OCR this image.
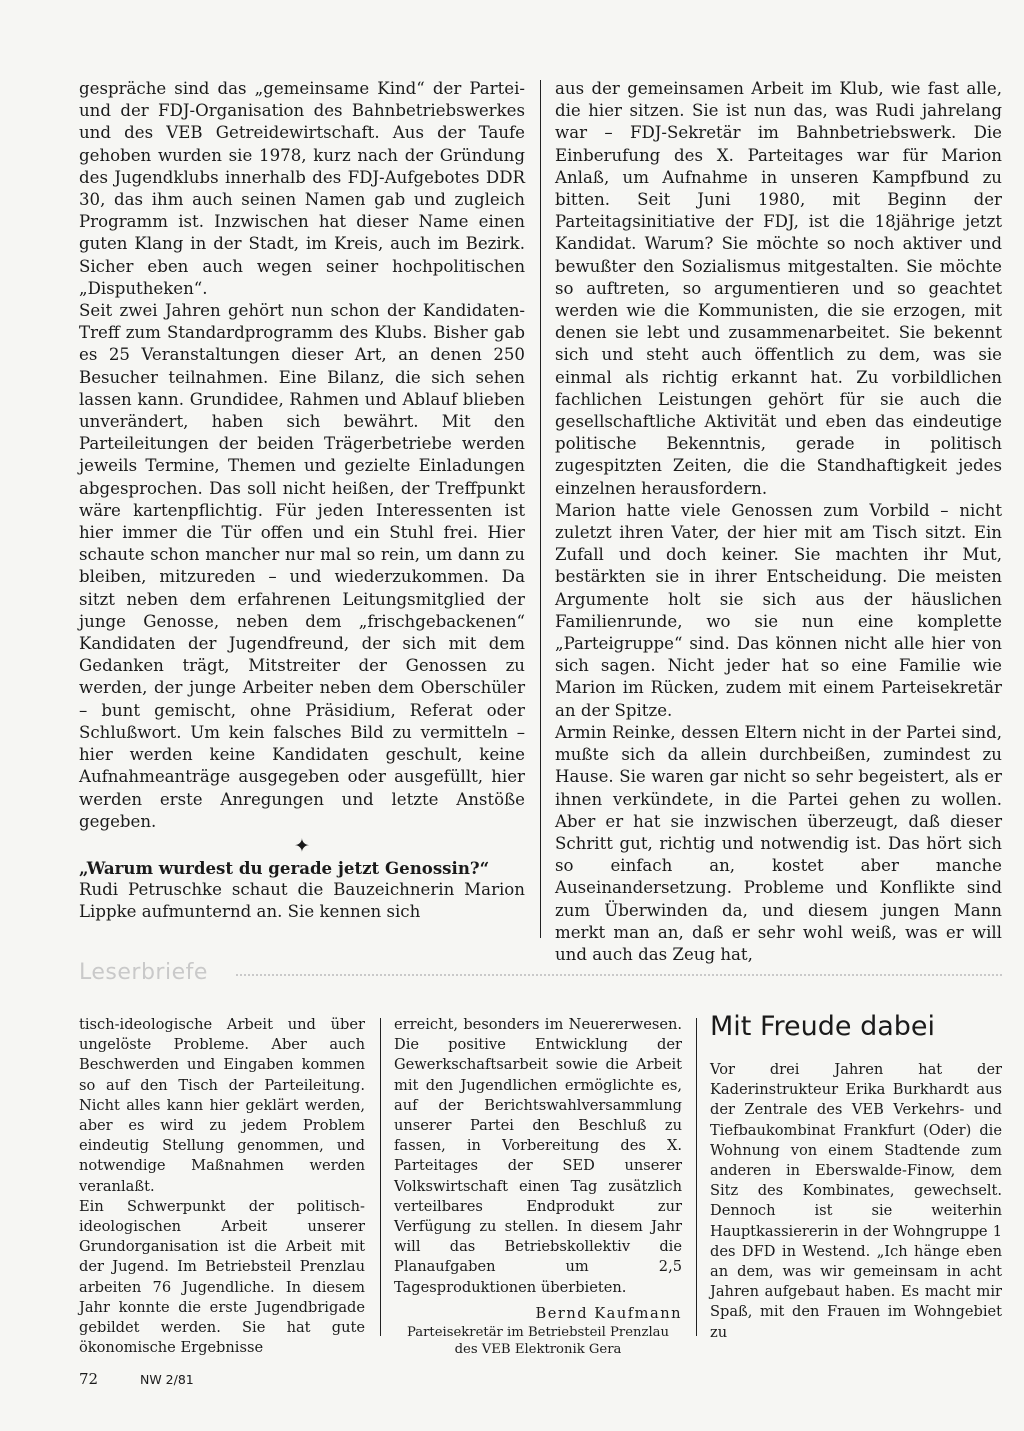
gespräche sind das „gemeinsame Kind“ der Partei- und der FDJ-Organisation des Bahnbetriebswerkes und des VEB Getreidewirtschaft. Aus der Taufe gehoben wurden sie 1978, kurz nach der Gründung des Jugendklubs innerhalb des FDJ-Aufgebotes DDR 30, das ihm auch seinen Namen gab und zugleich Programm ist. Inzwischen hat dieser Name einen guten Klang in der Stadt, im Kreis, auch im Bezirk. Sicher eben auch wegen seiner hochpolitischen „Disputheken“.

Seit zwei Jahren gehört nun schon der Kandidaten-Treff zum Standardprogramm des Klubs. Bisher gab es 25 Veranstaltungen dieser Art, an denen 250 Besucher teilnahmen. Eine Bilanz, die sich sehen lassen kann. Grundidee, Rahmen und Ablauf blieben unverändert, haben sich bewährt. Mit den Parteileitungen der beiden Trägerbetriebe werden jeweils Termine, Themen und gezielte Einladungen abgesprochen. Das soll nicht heißen, der Treffpunkt wäre kartenpflichtig. Für jeden Interessenten ist hier immer die Tür offen und ein Stuhl frei. Hier schaute schon mancher nur mal so rein, um dann zu bleiben, mitzureden – und wiederzukommen. Da sitzt neben dem erfahrenen Leitungsmitglied der junge Genosse, neben dem „frischgebackenen“ Kandidaten der Jugendfreund, der sich mit dem Gedanken trägt, Mitstreiter der Genossen zu werden, der junge Arbeiter neben dem Oberschüler – bunt gemischt, ohne Präsidium, Referat oder Schlußwort. Um kein falsches Bild zu vermitteln – hier werden keine Kandidaten geschult, keine Aufnahmeanträge ausgegeben oder ausgefüllt, hier werden erste Anregungen und letzte Anstöße gegeben.

✦

„Warum wurdest du gerade jetzt Genossin?“

Rudi Petruschke schaut die Bauzeichnerin Marion Lippke aufmunternd an. Sie kennen sich

aus der gemeinsamen Arbeit im Klub, wie fast alle, die hier sitzen. Sie ist nun das, was Rudi jahrelang war – FDJ-Sekretär im Bahnbetriebswerk. Die Einberufung des X. Parteitages war für Marion Anlaß, um Aufnahme in unseren Kampfbund zu bitten. Seit Juni 1980, mit Beginn der Parteitagsinitiative der FDJ, ist die 18jährige jetzt Kandidat. Warum? Sie möchte so noch aktiver und bewußter den Sozialismus mitgestalten. Sie möchte so auftreten, so argumentieren und so geachtet werden wie die Kommunisten, die sie erzogen, mit denen sie lebt und zusammenarbeitet. Sie bekennt sich und steht auch öffentlich zu dem, was sie einmal als richtig erkannt hat. Zu vorbildlichen fachlichen Leistungen gehört für sie auch die gesellschaftliche Aktivität und eben das eindeutige politische Bekenntnis, gerade in politisch zugespitzten Zeiten, die die Standhaftigkeit jedes einzelnen herausfordern.

Marion hatte viele Genossen zum Vorbild – nicht zuletzt ihren Vater, der hier mit am Tisch sitzt. Ein Zufall und doch keiner. Sie machten ihr Mut, bestärkten sie in ihrer Entscheidung. Die meisten Argumente holt sie sich aus der häuslichen Familienrunde, wo sie nun eine komplette „Parteigruppe“ sind. Das können nicht alle hier von sich sagen. Nicht jeder hat so eine Familie wie Marion im Rücken, zudem mit einem Parteisekretär an der Spitze.

Armin Reinke, dessen Eltern nicht in der Partei sind, mußte sich da allein durchbeißen, zumindest zu Hause. Sie waren gar nicht so sehr begeistert, als er ihnen verkündete, in die Partei gehen zu wollen. Aber er hat sie inzwischen überzeugt, daß dieser Schritt gut, richtig und notwendig ist. Das hört sich so einfach an, kostet aber manche Auseinandersetzung. Probleme und Konflikte sind zum Überwinden da, und diesem jungen Mann merkt man an, daß er sehr wohl weiß, was er will und auch das Zeug hat,

Leserbriefe

tisch-ideologische Arbeit und über ungelöste Probleme. Aber auch Beschwerden und Eingaben kommen so auf den Tisch der Parteileitung. Nicht alles kann hier geklärt werden, aber es wird zu jedem Problem eindeutig Stellung genommen, und notwendige Maßnahmen werden veranlaßt.

Ein Schwerpunkt der politisch-ideologischen Arbeit unserer Grundorganisation ist die Arbeit mit der Jugend. Im Betriebsteil Prenzlau arbeiten 76 Jugendliche. In diesem Jahr konnte die erste Jugendbrigade gebildet werden. Sie hat gute ökonomische Ergebnisse

erreicht, besonders im Neuererwesen. Die positive Entwicklung der Gewerkschaftsarbeit sowie die Arbeit mit den Jugendlichen ermöglichte es, auf der Berichtswahlversammlung unserer Partei den Beschluß zu fassen, in Vorbereitung des X. Parteitages der SED unserer Volkswirtschaft einen Tag zusätzlich verteilbares Endprodukt zur Verfügung zu stellen. In diesem Jahr will das Betriebskollektiv die Planaufgaben um 2,5 Tagesproduktionen überbieten.

Bernd Kaufmann
Parteisekretär im Betriebsteil Prenzlau
des VEB Elektronik Gera
Mit Freude dabei

Vor drei Jahren hat der Kaderinstrukteur Erika Burkhardt aus der Zentrale des VEB Verkehrs- und Tiefbaukombinat Frankfurt (Oder) die Wohnung von einem Stadtende zum anderen in Eberswalde-Finow, dem Sitz des Kombinates, gewechselt. Dennoch ist sie weiterhin Hauptkassiererin in der Wohngruppe 1 des DFD in Westend. „Ich hänge eben an dem, was wir gemeinsam in acht Jahren aufgebaut haben. Es macht mir Spaß, mit den Frauen im Wohngebiet zu

72	NW 2/81
